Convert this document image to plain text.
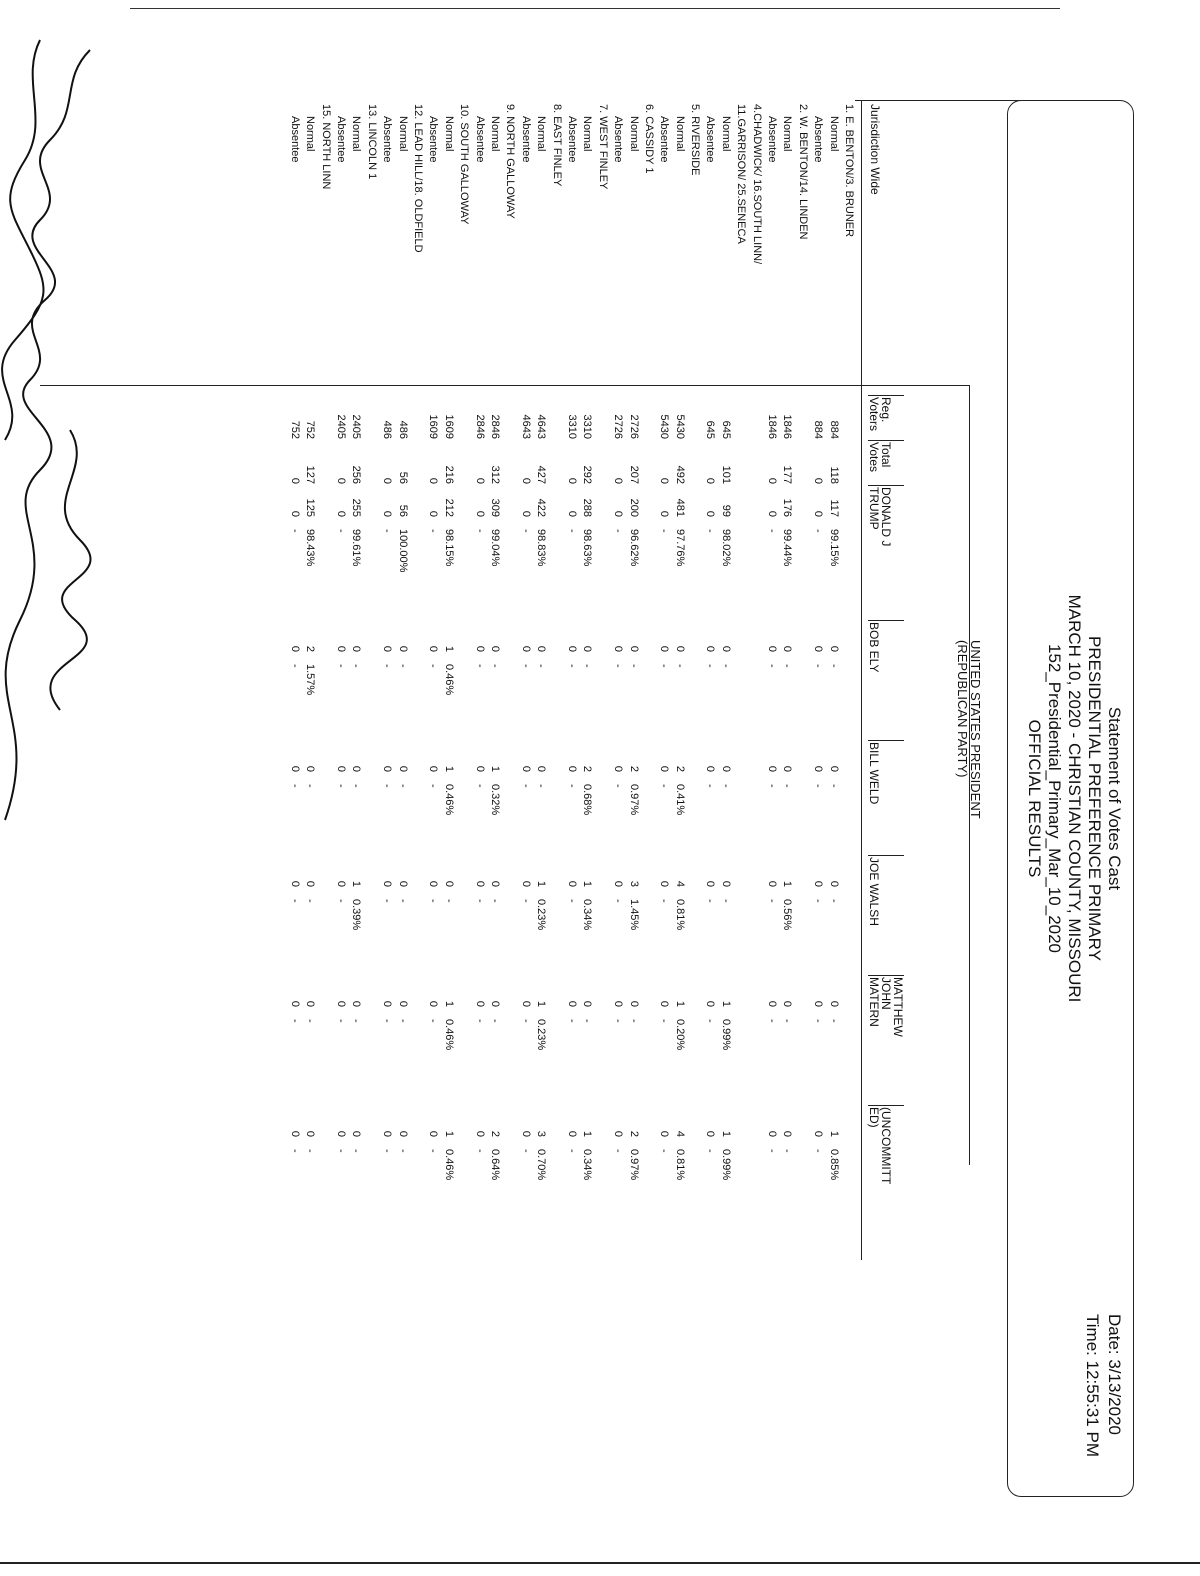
Statement of Votes Cast
PRESIDENTIAL PREFERENCE PRIMARY
MARCH 10, 2020 - CHRISTIAN COUNTY, MISSOURI
152_Presidential_Primary_Mar_10_2020
OFFICIAL RESULTS
Date: 3/13/2020
Time: 12:55:31 PM
UNITED STATES PRESIDENT
(REPUBLICAN PARTY)
Jurisdiction Wide
Reg.
Voters
Total
Votes
DONALD J
TRUMP
BOB ELY
BILL WELD
JOE WALSH
MATTHEW
JOHN
MATERN
(UNCOMMITT
ED)
1. E. BENTON/3. BRUNER
Normal
884
118
117
99.15%
0
-
0
-
0
-
0
-
1
0.85%
Absentee
884
0
0
-
0
-
0
-
0
-
0
-
0
-
2. W. BENTON/14. LINDEN
Normal
1846
177
176
99.44%
0
-
0
-
1
0.56%
0
-
0
-
Absentee
1846
0
0
-
0
-
0
-
0
-
0
-
0
-
4.CHADWICK/ 16.SOUTH LINN/
11.GARRISON/ 25.SENECA
Normal
645
101
99
98.02%
0
-
0
-
0
-
1
0.99%
1
0.99%
Absentee
645
0
0
-
0
-
0
-
0
-
0
-
0
-
5. RIVERSIDE
Normal
5430
492
481
97.76%
0
-
2
0.41%
4
0.81%
1
0.20%
4
0.81%
Absentee
5430
0
0
-
0
-
0
-
0
-
0
-
0
-
6. CASSIDY 1
Normal
2726
207
200
96.62%
0
-
2
0.97%
3
1.45%
0
-
2
0.97%
Absentee
2726
0
0
-
0
-
0
-
0
-
0
-
0
-
7. WEST FINLEY
Normal
3310
292
288
98.63%
0
-
2
0.68%
1
0.34%
0
-
1
0.34%
Absentee
3310
0
0
-
0
-
0
-
0
-
0
-
0
-
8. EAST FINLEY
Normal
4643
427
422
98.83%
0
-
0
-
1
0.23%
1
0.23%
3
0.70%
Absentee
4643
0
0
-
0
-
0
-
0
-
0
-
0
-
9. NORTH GALLOWAY
Normal
2846
312
309
99.04%
0
-
1
0.32%
0
-
0
-
2
0.64%
Absentee
2846
0
0
-
0
-
0
-
0
-
0
-
0
-
10. SOUTH GALLOWAY
Normal
1609
216
212
98.15%
1
0.46%
1
0.46%
0
-
1
0.46%
1
0.46%
Absentee
1609
0
0
-
0
-
0
-
0
-
0
-
0
-
12. LEAD HILL/18. OLDFIELD
Normal
486
56
56
100.00%
0
-
0
-
0
-
0
-
0
-
Absentee
486
0
0
-
0
-
0
-
0
-
0
-
0
-
13. LINCOLN 1
Normal
2405
256
255
99.61%
0
-
0
-
1
0.39%
0
-
0
-
Absentee
2405
0
0
-
0
-
0
-
0
-
0
-
0
-
15. NORTH LINN
Normal
752
127
125
98.43%
2
1.57%
0
-
0
-
0
-
0
-
Absentee
752
0
0
-
0
-
0
-
0
-
0
-
0
-
